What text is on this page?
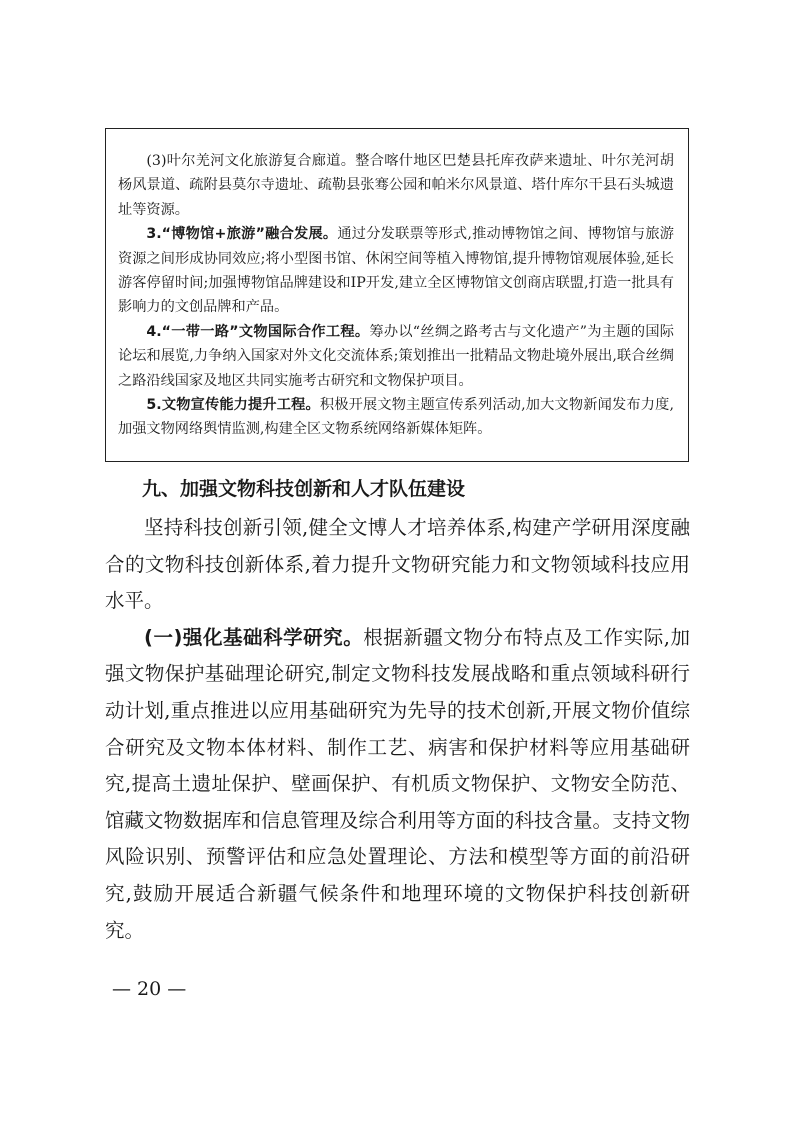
(3)叶尔羌河文化旅游复合廊道。整合喀什地区巴楚县托库孜萨来遗址、叶尔羌河胡杨风景道、疏附县莫尔寺遗址、疏勒县张骞公园和帕米尔风景道、塔什库尔干县石头城遗址等资源。

3.“博物馆+旅游”融合发展。通过分发联票等形式,推动博物馆之间、博物馆与旅游资源之间形成协同效应;将小型图书馆、休闲空间等植入博物馆,提升博物馆观展体验,延长游客停留时间;加强博物馆品牌建设和IP开发,建立全区博物馆文创商店联盟,打造一批具有影响力的文创品牌和产品。

4.“一带一路”文物国际合作工程。筹办以“丝绸之路考古与文化遗产”为主题的国际论坛和展览,力争纳入国家对外文化交流体系;策划推出一批精品文物赴境外展出,联合丝绸之路沿线国家及地区共同实施考古研究和文物保护项目。

5.文物宣传能力提升工程。积极开展文物主题宣传系列活动,加大文物新闻发布力度,加强文物网络舆情监测,构建全区文物系统网络新媒体矩阵。

九、加强文物科技创新和人才队伍建设

坚持科技创新引领,健全文博人才培养体系,构建产学研用深度融合的文物科技创新体系,着力提升文物研究能力和文物领域科技应用水平。

(一)强化基础科学研究。根据新疆文物分布特点及工作实际,加强文物保护基础理论研究,制定文物科技发展战略和重点领域科研行动计划,重点推进以应用基础研究为先导的技术创新,开展文物价值综合研究及文物本体材料、制作工艺、病害和保护材料等应用基础研究,提高土遗址保护、壁画保护、有机质文物保护、文物安全防范、馆藏文物数据库和信息管理及综合利用等方面的科技含量。支持文物风险识别、预警评估和应急处置理论、方法和模型等方面的前沿研究,鼓励开展适合新疆气候条件和地理环境的文物保护科技创新研究。

— 20 —
